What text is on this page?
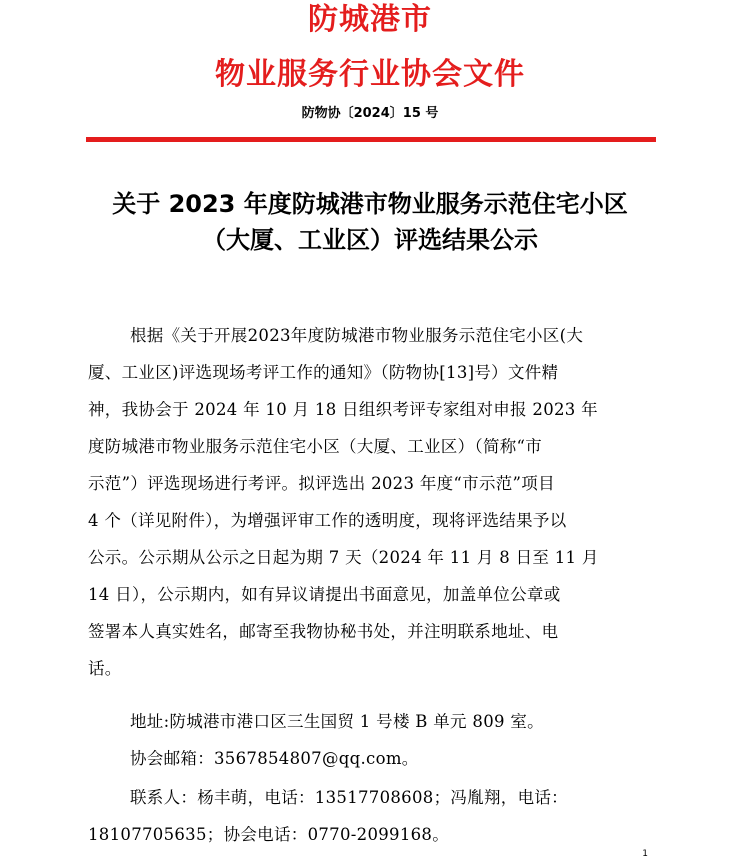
防城港市
物业服务行业协会文件
防物协〔2024〕15 号
关于 2023 年度防城港市物业服务示范住宅小区
（大厦、工业区）评选结果公示
根据《关于开展2023年度防城港市物业服务示范住宅小区(大
厦、工业区)评选现场考评工作的通知》（防物协[13]号）文件精
神，我协会于 2024 年 10 月 18 日组织考评专家组对申报 2023 年
度防城港市物业服务示范住宅小区（大厦、工业区）（简称“市
示范”）评选现场进行考评。拟评选出 2023 年度“市示范”项目
4 个（详见附件），为增强评审工作的透明度，现将评选结果予以
公示。公示期从公示之日起为期 7 天（2024 年 11 月 8 日至 11 月
14 日），公示期内，如有异议请提出书面意见，加盖单位公章或
签署本人真实姓名，邮寄至我物协秘书处，并注明联系地址、电
话。
地址:防城港市港口区三生国贸 1 号楼 B 单元 809 室。
协会邮箱：3567854807@qq.com。
联系人：杨丰萌，电话：13517708608；冯胤翔，电话：
18107705635；协会电话：0770-2099168。
1
